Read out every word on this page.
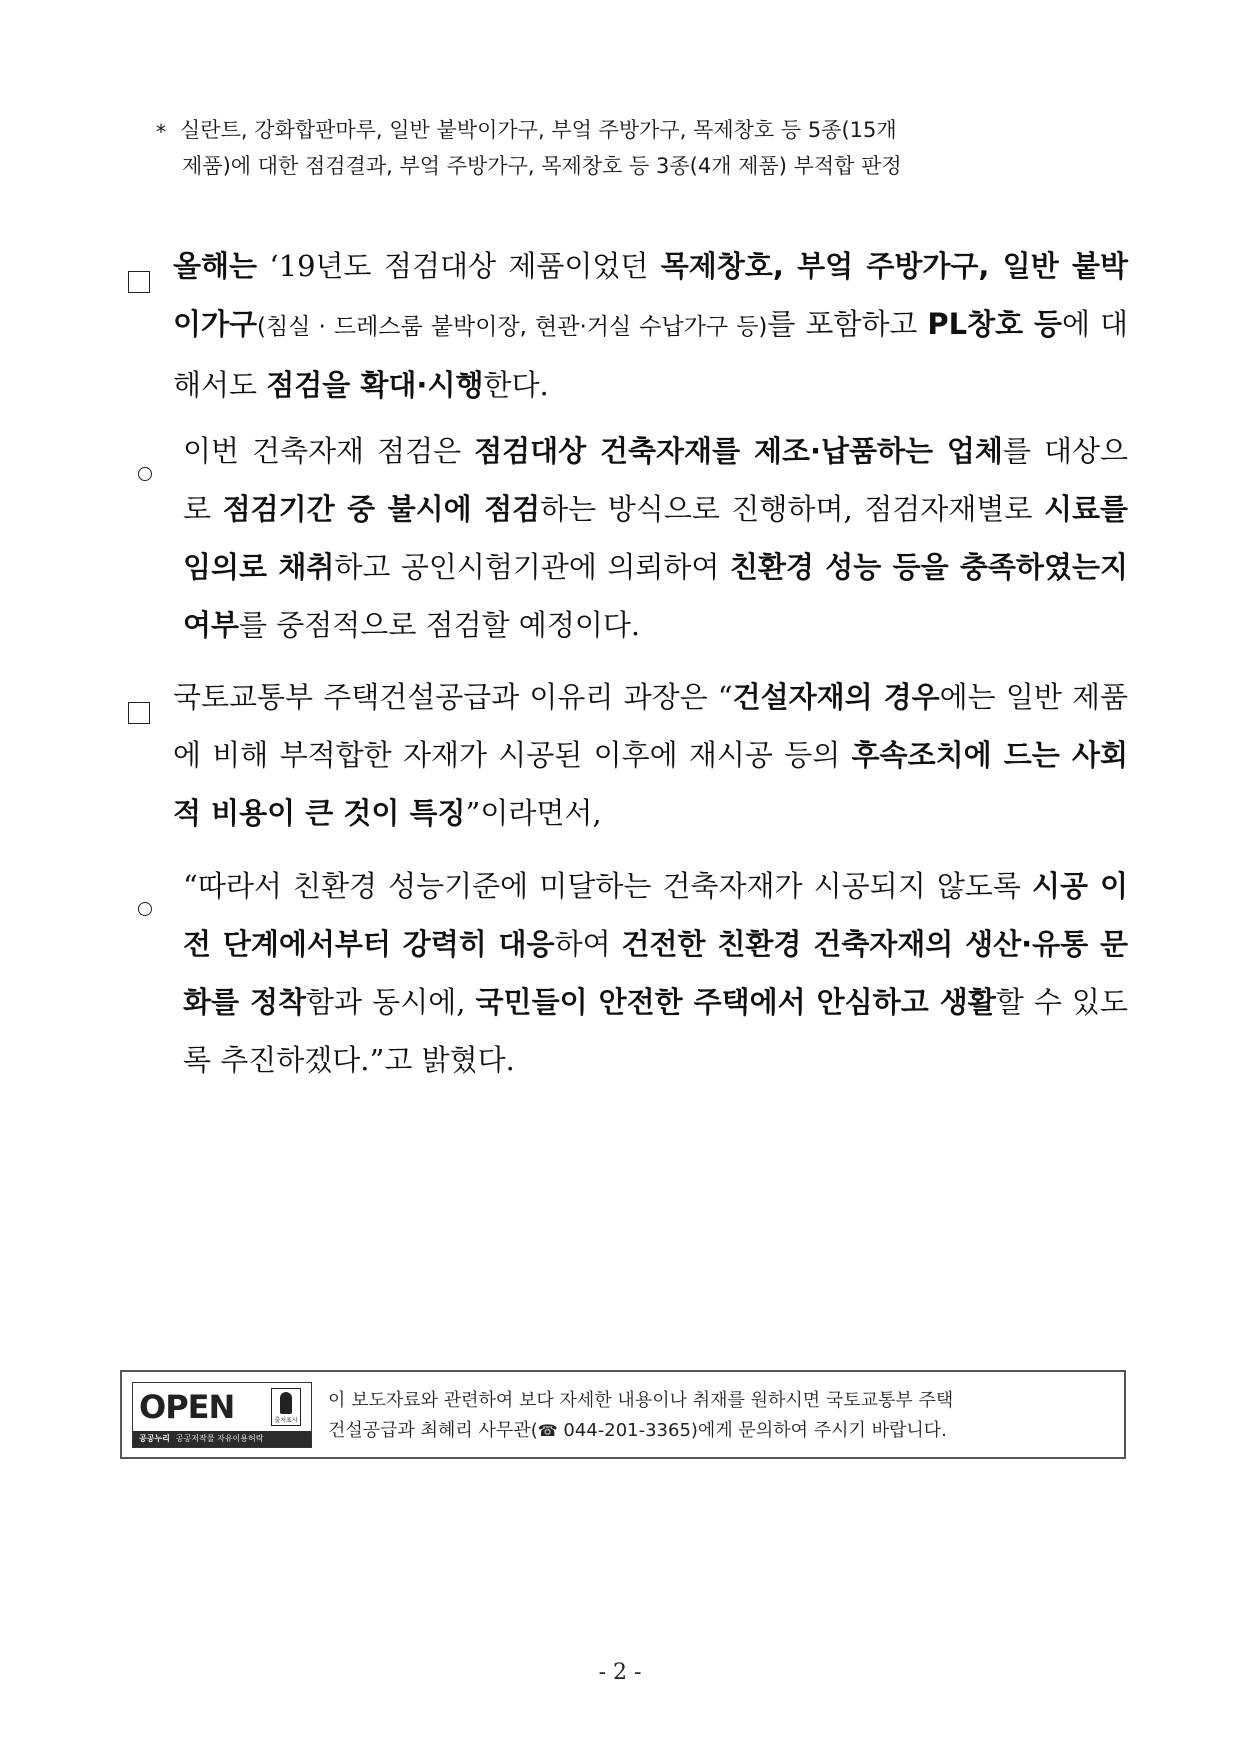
* 실란트, 강화합판마루, 일반 붙박이가구, 부엌 주방가구, 목제창호 등 5종(15개
제품)에 대한 점검결과, 부엌 주방가구, 목제창호 등 3종(4개 제품) 부적합 판정
올해는 ‘19년도 점검대상 제품이었던 목제창호, 부엌 주방가구, 일반 붙박이가구(침실 · 드레스룸 붙박이장, 현관·거실 수납가구 등)를 포함하고 PL창호 등에 대해서도 점검을 확대·시행한다.
이번 건축자재 점검은 점검대상 건축자재를 제조·납품하는 업체를 대상으로 점검기간 중 불시에 점검하는 방식으로 진행하며, 점검자재별로 시료를 임의로 채취하고 공인시험기관에 의뢰하여 친환경 성능 등을 충족하였는지 여부를 중점적으로 점검할 예정이다.
국토교통부 주택건설공급과 이유리 과장은 “건설자재의 경우에는 일반 제품에 비해 부적합한 자재가 시공된 이후에 재시공 등의 후속조치에 드는 사회적 비용이 큰 것이 특징”이라면서,
“따라서 친환경 성능기준에 미달하는 건축자재가 시공되지 않도록 시공 이전 단계에서부터 강력히 대응하여 건전한 친환경 건축자재의 생산·유통 문화를 정착함과 동시에, 국민들이 안전한 주택에서 안심하고 생활할 수 있도록 추진하겠다.”고 밝혔다.
OPEN	출처표시
공공누리 공공저작물 자유이용허락
이 보도자료와 관련하여 보다 자세한 내용이나 취재를 원하시면 국토교통부 주택
건설공급과 최혜리 사무관(☎ 044-201-3365)에게 문의하여 주시기 바랍니다.
- 2 -
